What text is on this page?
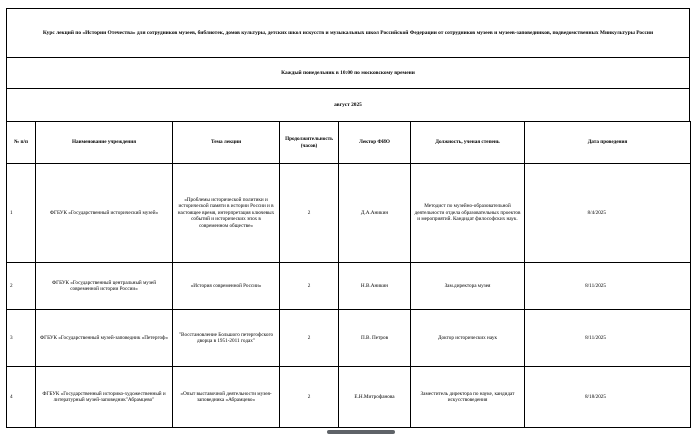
Курс лекций по «Истории Отечества» для сотрудников музеев, библиотек, домов культуры, детских школ искусств и музыкальных школ Российской Федерации от сотрудников музеев и музеев-заповедников, подведомственных Минкультуры России
Каждый понедельник в 10:00 по московскому времени
август 2025
№ п/п	Наименование учреждения	Тема лекции	Продолжительность (часов)	Лектор ФИО	Должность, ученая степень	Дата проведения
1	ФГБУК «Государственный исторический музей»	«Проблемы исторической политики и исторической памяти в истории России и в настоящее время, интерпретация ключевых событий и исторических эпох в современном обществе»	2	Д.А.Аникин	Методист по музейно-образовательной деятельности отдела образовательных проектов и мероприятий. Кандидат философских наук.	8/4/2025
2	ФГБУК «Государственный центральный музей современной истории России»	«История современной России»	2	Н.В.Аникин	Зам.директора музея	8/11/2025
3	ФГБУК «Государственный музей-заповедник «Петергоф»	"Восстановление Большого петергофского дворца в 1951-2011 годах"	2	П.В. Петров	Доктор исторических наук	8/11/2025
4	ФГБУК «Государственный историко-художественный и литературный музей-заповедник"Абрамцево"	«Опыт выставочной деятельности музея-заповедника «Абрамцево»	2	Е.Н.Митрофанова	Заместитель директора по науке, кандидат искусствоведения	8/18/2025
